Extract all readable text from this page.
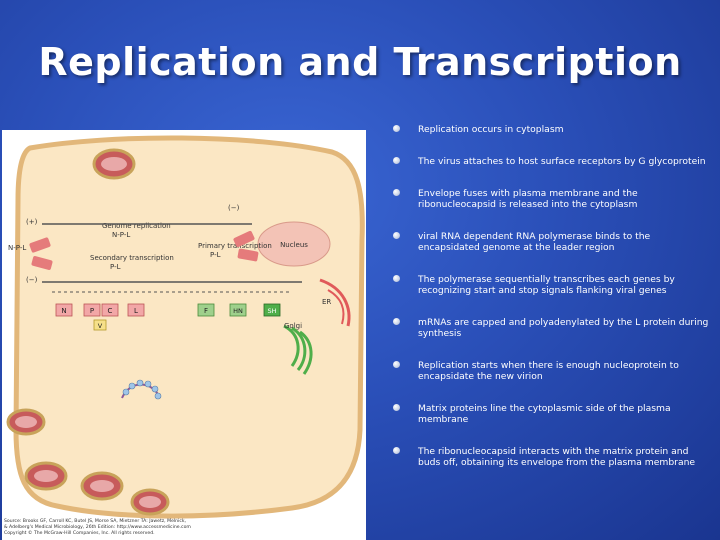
Replication and Transcription
Nucleus
ER
Golgi
(+)
N-P-L
(−)
(−)
Genome replication
N-P-L
Secondary transcription
P-L
Primary transcription
P-L
N	P C	L	F	HN	SH
V
Source: Brooks GF, Carroll KC, Butel JS, Morse SA, Mietzner TA: Jawetz, Melnick,
& Adelberg's Medical Microbiology, 26th Edition: http://www.accessmedicine.com
Copyright © The McGraw-Hill Companies, Inc. All rights reserved.
Replication occurs in cytoplasm
The virus attaches to host surface receptors by G glycoprotein
Envelope fuses with plasma membrane and the ribonucleocapsid is released into the cytoplasm
viral RNA dependent RNA polymerase binds to the encapsidated genome at the leader region
The polymerase sequentially transcribes each genes by recognizing start and stop signals flanking viral genes
mRNAs are capped and polyadenylated by the L protein during synthesis
Replication starts when there is enough nucleoprotein to encapsidate the new virion
Matrix proteins line the cytoplasmic side of the plasma membrane
The ribonucleocapsid interacts with the matrix protein and buds off, obtaining its envelope from the plasma membrane
